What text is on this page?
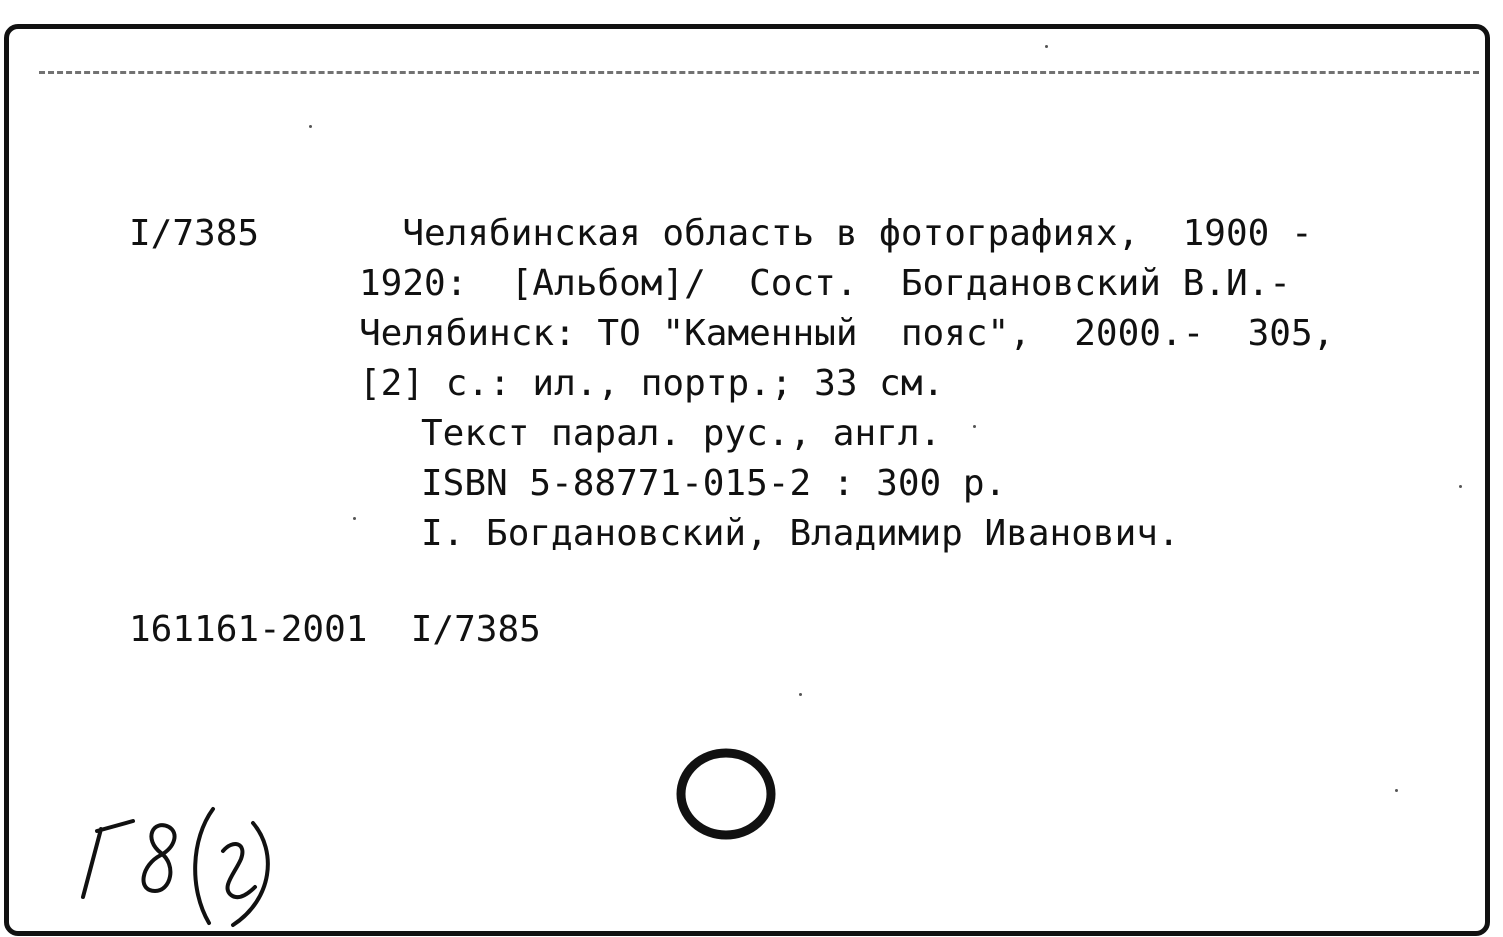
I/7385	Челябинская область в фотографиях,  1900 -
1920:  [Альбом]/  Сост.  Богдановский В.И.-
Челябинск: ТО "Каменный  пояс",  2000.-  305,
[2] с.: ил., портр.; 33 см.
Текст парал. рус., англ.
ISBN 5-88771-015-2 : 300 р.
I. Богдановский, Владимир Иванович.
161161-2001  I/7385
